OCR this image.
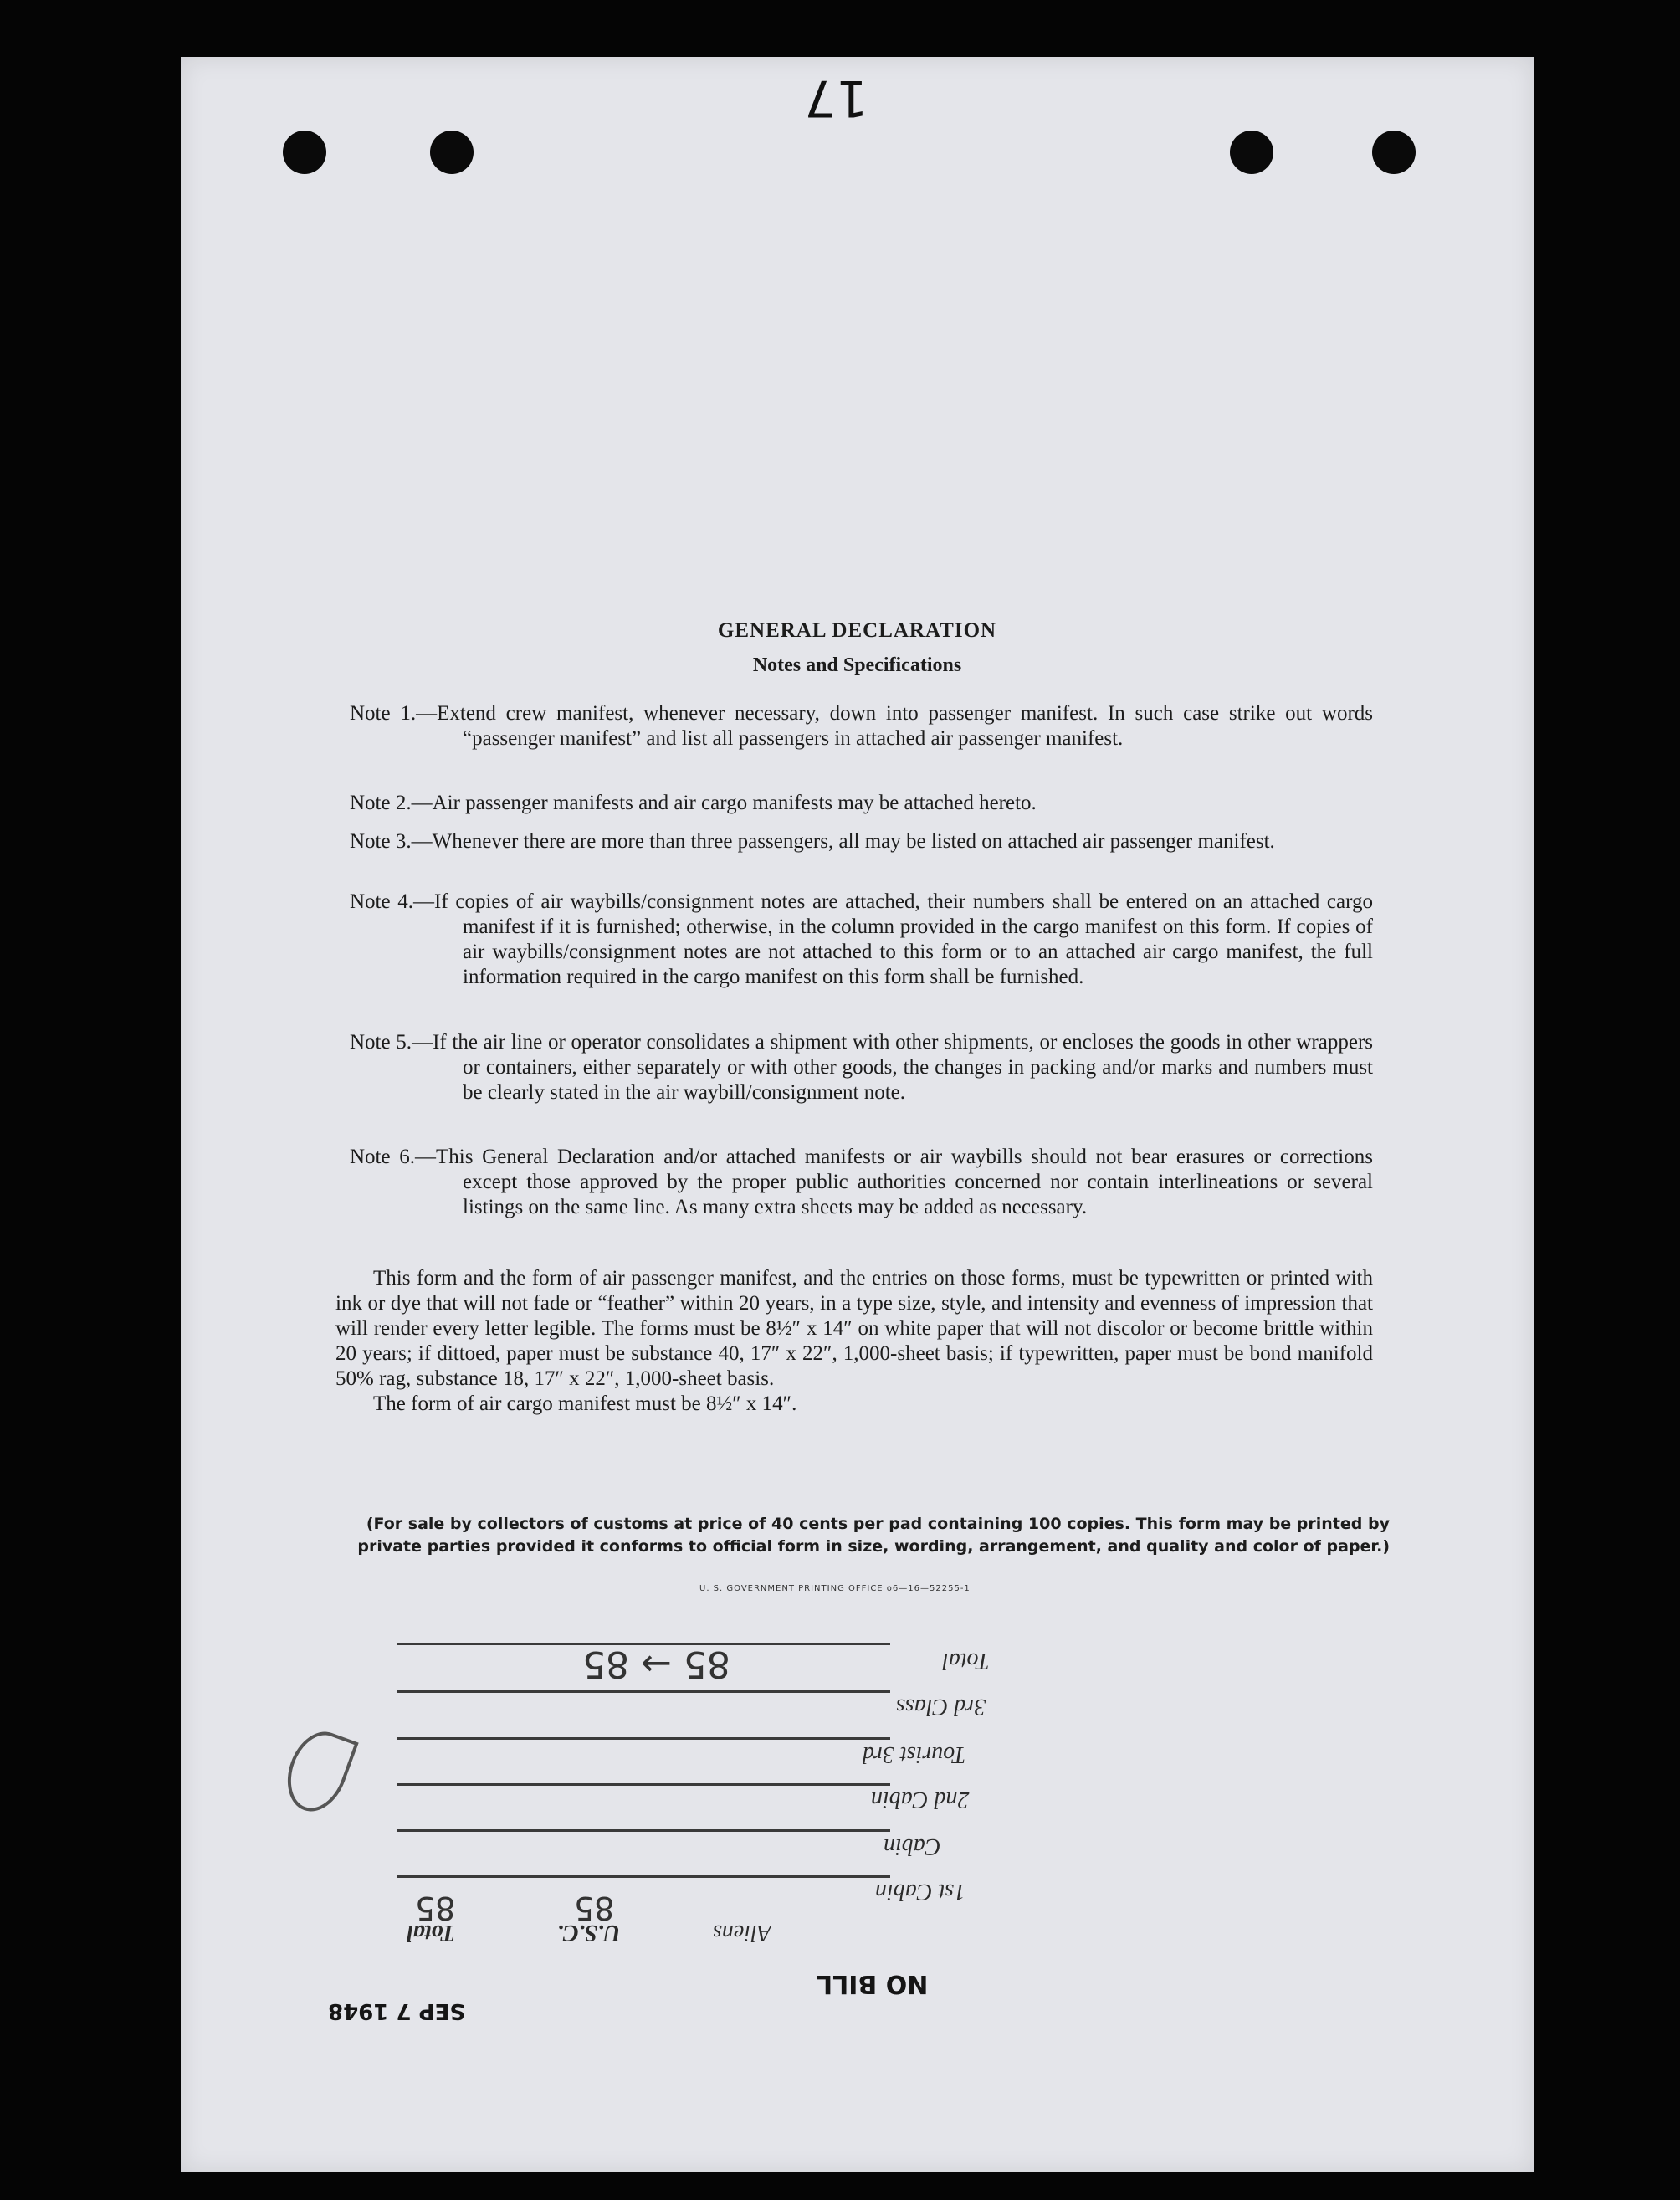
17
GENERAL DECLARATION
Notes and Specifications
Note 1.—Extend crew manifest, whenever necessary, down into passenger manifest. In such case strike out words “passenger manifest” and list all passengers in attached air passenger manifest.
Note 2.—Air passenger manifests and air cargo manifests may be attached hereto.
Note 3.—Whenever there are more than three passengers, all may be listed on attached air passenger manifest.
Note 4.—If copies of air waybills/consignment notes are attached, their numbers shall be entered on an attached cargo manifest if it is furnished; otherwise, in the column provided in the cargo manifest on this form. If copies of air waybills/consignment notes are not attached to this form or to an attached air cargo manifest, the full information required in the cargo manifest on this form shall be furnished.
Note 5.—If the air line or operator consolidates a shipment with other shipments, or encloses the goods in other wrappers or containers, either separately or with other goods, the changes in packing and/or marks and numbers must be clearly stated in the air waybill/consignment note.
Note 6.—This General Declaration and/or attached manifests or air waybills should not bear erasures or corrections except those approved by the proper public authorities concerned nor contain interlineations or several listings on the same line. As many extra sheets may be added as necessary.

This form and the form of air passenger manifest, and the entries on those forms, must be typewritten or printed with ink or dye that will not fade or “feather” within 20 years, in a type size, style, and intensity and evenness of impression that will render every letter legible. The forms must be 8½″ x 14″ on white paper that will not discolor or become brittle within 20 years; if dittoed, paper must be substance 40, 17″ x 22″, 1,000-sheet basis; if typewritten, paper must be bond manifold 50% rag, substance 18, 17″ x 22″, 1,000-sheet basis.

The form of air cargo manifest must be 8½″ x 14″.

(For sale by collectors of customs at price of 40 cents per pad containing 100 copies. This form may be printed by private parties provided it conforms to official form in size, wording, arrangement, and quality and color of paper.)
U. S. GOVERNMENT PRINTING OFFICE o6—16—52255-1
Total
85 → 85
3rd Class
Tourist 3rd
2nd Cabin
Cabin
1st Cabin
Aliens
U.S.C.
Total
85
85
NO BILL
SEP 7 1948
